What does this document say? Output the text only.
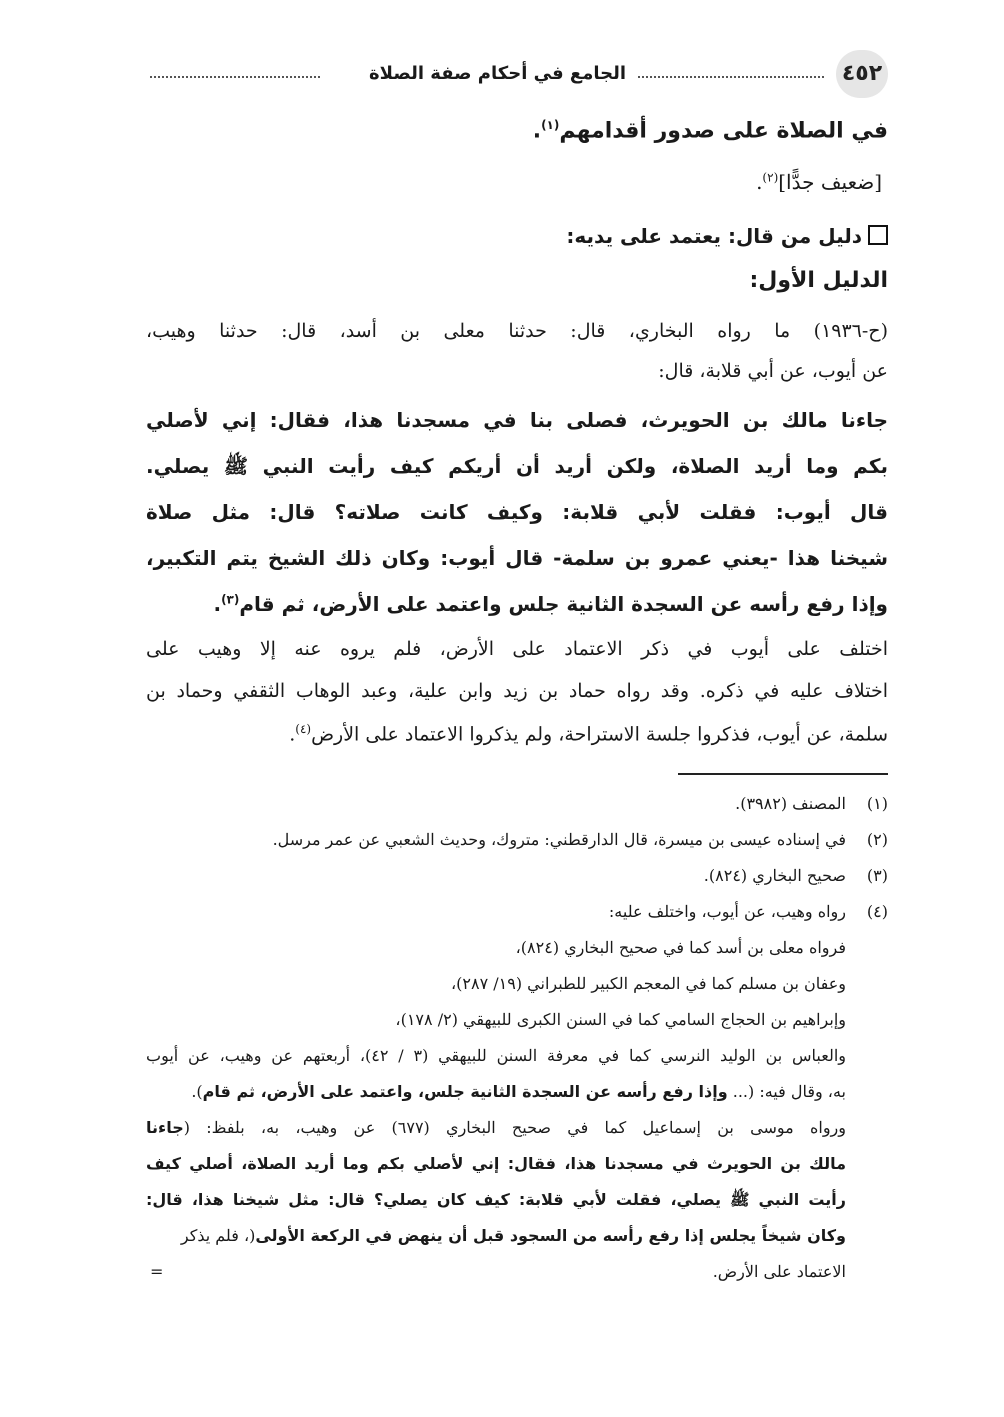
٤٥٢
الجامع في أحكام صفة الصلاة
في الصلاة على صدور أقدامهم$^{(١)}$.
[ضعيف جدًّا]$^{(٢)}$.
دليل من قال: يعتمد على يديه:
الدليل الأول:
(ح-١٩٣٦) ما رواه البخاري، قال: حدثنا معلى بن أسد، قال: حدثنا وهيب،
عن أيوب، عن أبي قلابة، قال:
جاءنا مالك بن الحويرث، فصلى بنا في مسجدنا هذا، فقال: إني لأصلي
بكم وما أريد الصلاة، ولكن أريد أن أريكم كيف رأيت النبي ﷺ يصلي.
قال أيوب: فقلت لأبي قلابة: وكيف كانت صلاته؟ قال: مثل صلاة
شيخنا هذا -يعني عمرو بن سلمة- قال أيوب: وكان ذلك الشيخ يتم التكبير،
وإذا رفع رأسه عن السجدة الثانية جلس واعتمد على الأرض، ثم قام$^{(٣)}$.
اختلف على أيوب في ذكر الاعتماد على الأرض، فلم يروه عنه إلا وهيب على
اختلاف عليه في ذكره. وقد رواه حماد بن زيد وابن علية، وعبد الوهاب الثقفي وحماد بن
سلمة، عن أيوب، فذكروا جلسة الاستراحة، ولم يذكروا الاعتماد على الأرض$^{(٤)}$.
(١)المصنف (٣٩٨٢).
(٢)في إسناده عيسى بن ميسرة، قال الدارقطني: متروك، وحديث الشعبي عن عمر مرسل.
(٣)صحيح البخاري (٨٢٤).
(٤)رواه وهيب، عن أيوب، واختلف عليه:
فرواه معلى بن أسد كما في صحيح البخاري (٨٢٤)،
وعفان بن مسلم كما في المعجم الكبير للطبراني (١٩/ ٢٨٧)،
وإبراهيم بن الحجاج السامي كما في السنن الكبرى للبيهقي (٢/ ١٧٨)،
والعباس بن الوليد النرسي كما في معرفة السنن للبيهقي (٣ / ٤٢)، أربعتهم عن وهيب، عن أيوب
به، وقال فيه: (... وإذا رفع رأسه عن السجدة الثانية جلس، واعتمد على الأرض، ثم قام).
ورواه موسى بن إسماعيل كما في صحيح البخاري (٦٧٧) عن وهيب، به، بلفظ: (جاءنا
مالك بن الحويرث في مسجدنا هذا، فقال: إني لأصلي بكم وما أريد الصلاة، أصلي كيف
رأيت النبي ﷺ يصلي، فقلت لأبي قلابة: كيف كان يصلي؟ قال: مثل شيخنا هذا، قال:
وكان شيخاً يجلس إذا رفع رأسه من السجود قبل أن ينهض في الركعة الأولى(، فلم يذكر
الاعتماد على الأرض.
=
